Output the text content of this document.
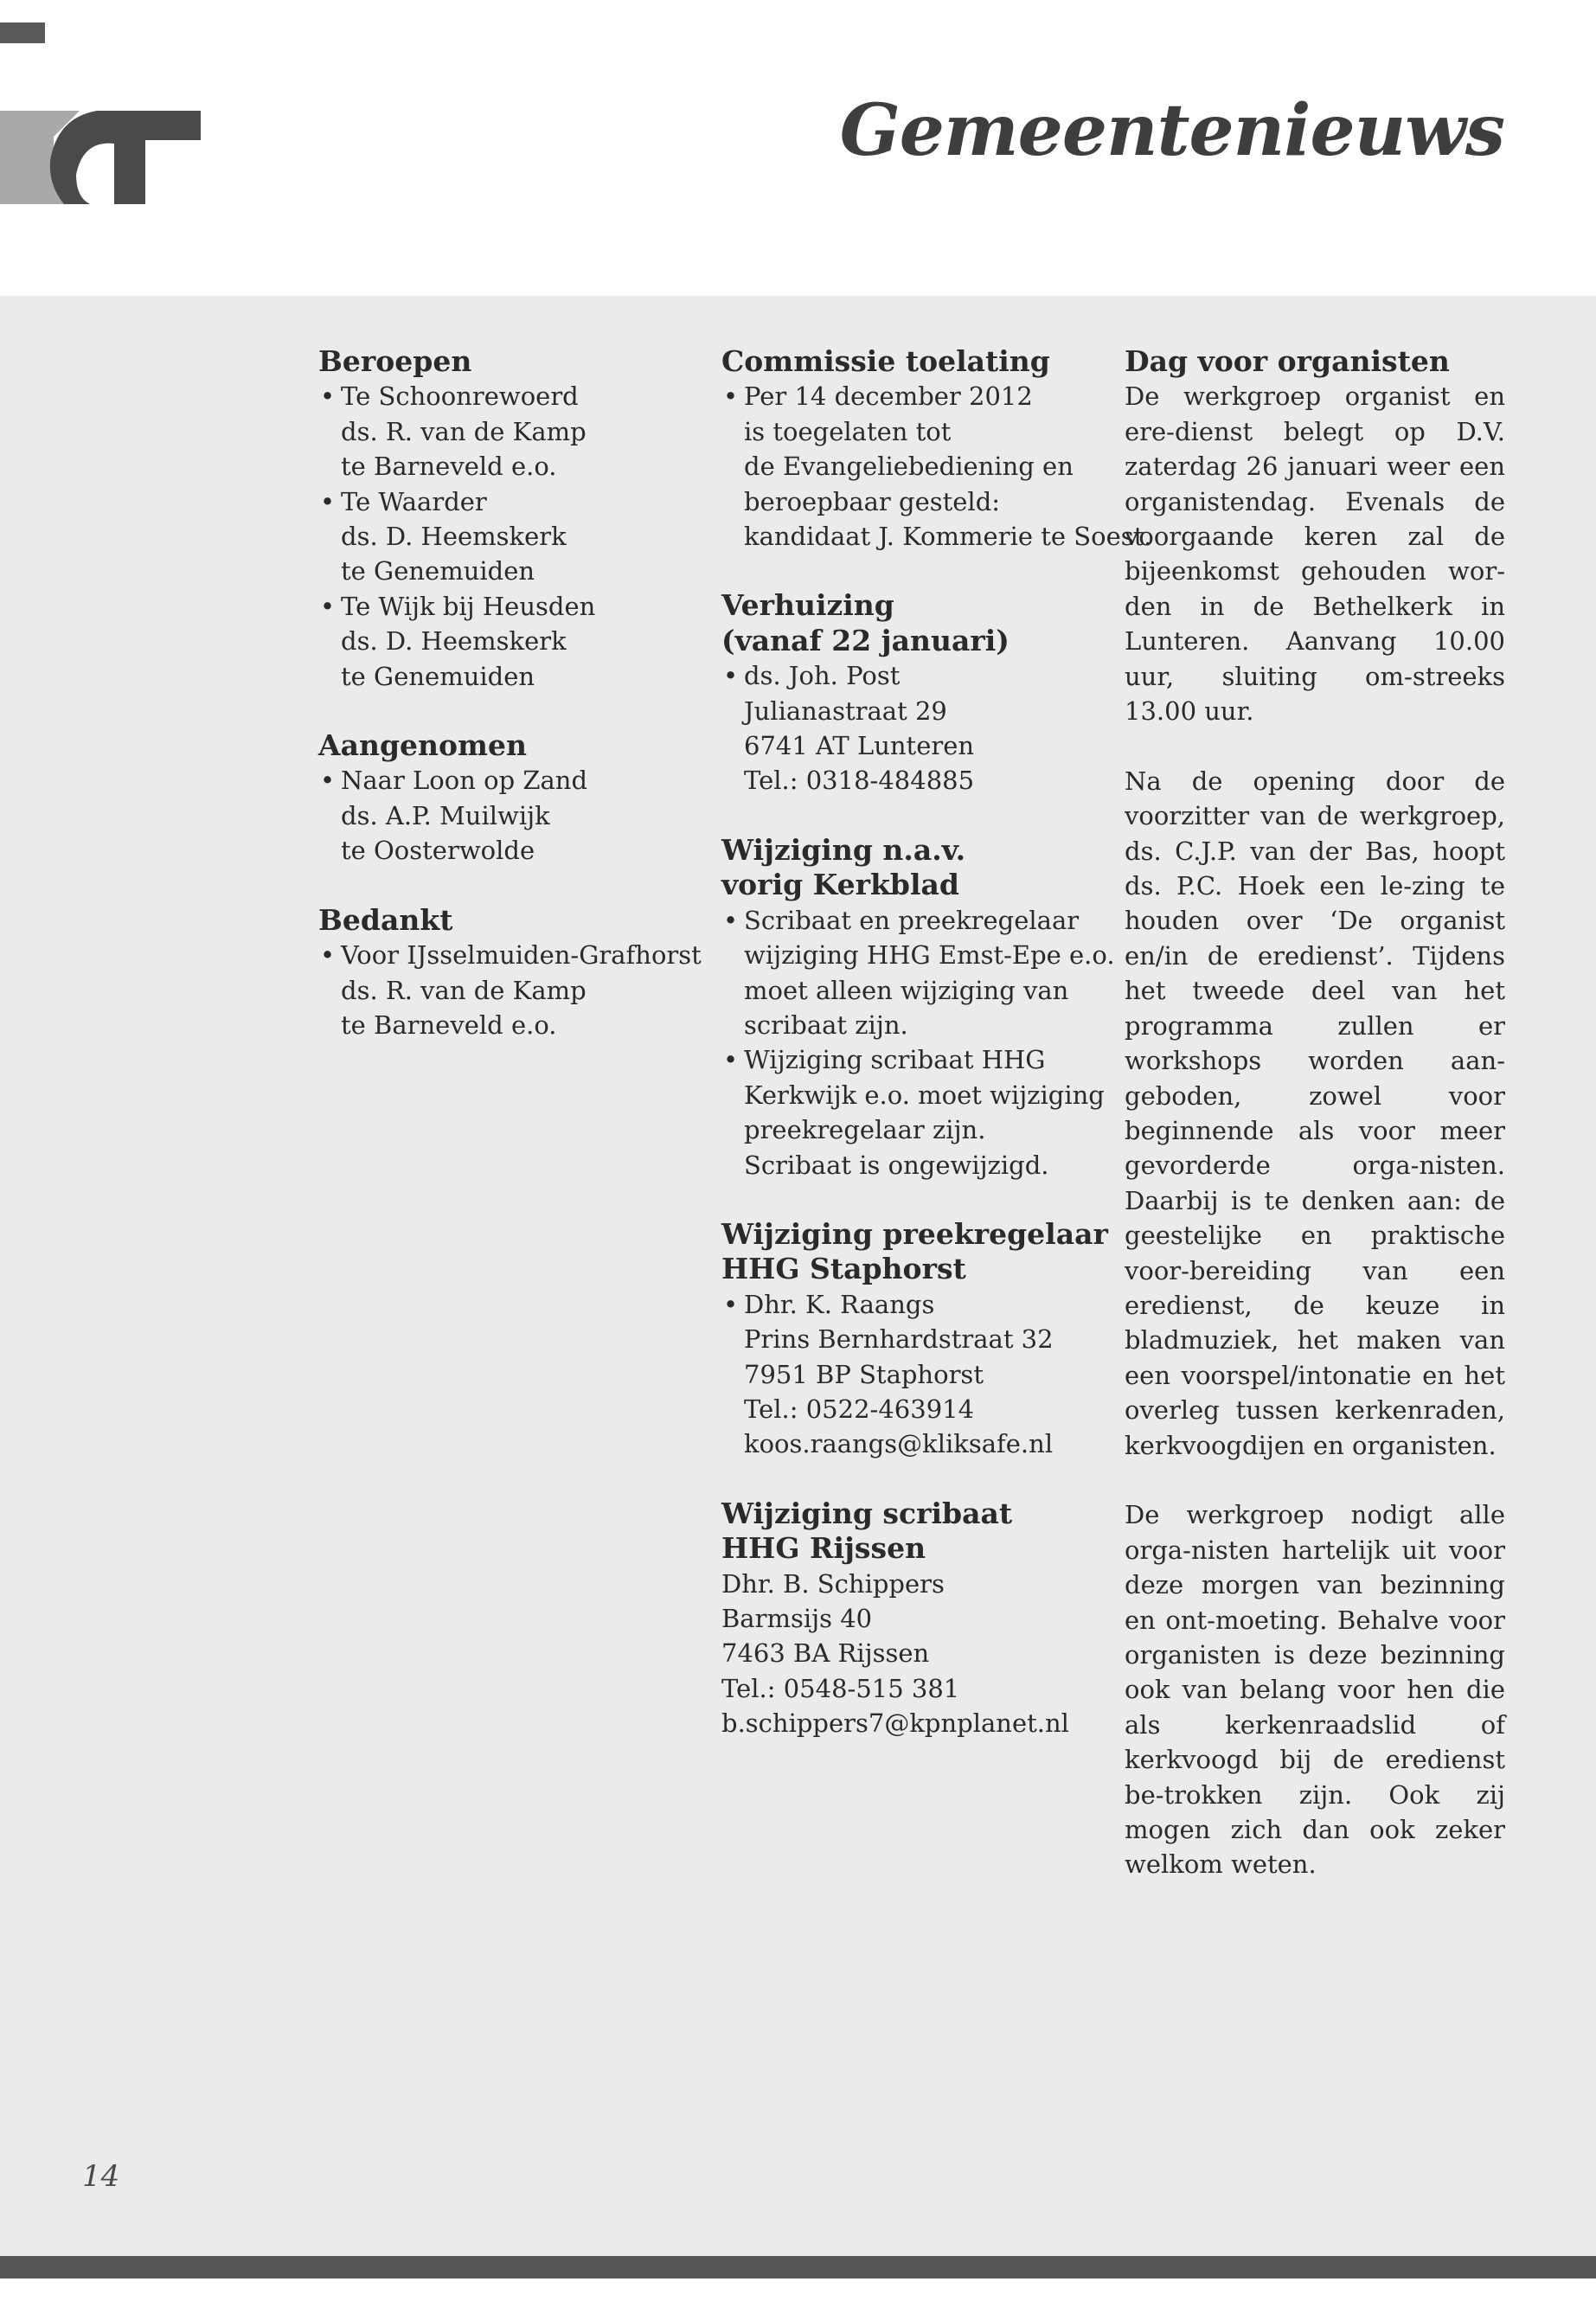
Gemeentenieuws
Beroepen
• Te Schoonrewoerd
ds. R. van de Kamp
te Barneveld e.o.
• Te Waarder
ds. D. Heemskerk
te Genemuiden
• Te Wijk bij Heusden
ds. D. Heemskerk
te Genemuiden
Aangenomen
• Naar Loon op Zand
ds. A.P. Muilwijk
te Oosterwolde
Bedankt
• Voor IJsselmuiden-Grafhorst
ds. R. van de Kamp
te Barneveld e.o.
Commissie toelating
• Per 14 december 2012
is toegelaten tot
de Evangeliebediening en
beroepbaar gesteld:
kandidaat J. Kommerie te Soest.
Verhuizing
(vanaf 22 januari)
• ds. Joh. Post
Julianastraat 29
6741 AT Lunteren
Tel.: 0318-484885
Wijziging n.a.v.
vorig Kerkblad
• Scribaat en preekregelaar
wijziging HHG Emst-Epe e.o.
moet alleen wijziging van
scribaat zijn.
• Wijziging scribaat HHG
Kerkwijk e.o. moet wijziging
preekregelaar zijn.
Scribaat is ongewijzigd.
Wijziging preekregelaar
HHG Staphorst
• Dhr. K. Raangs
Prins Bernhardstraat 32
7951 BP Staphorst
Tel.: 0522-463914
koos.raangs@kliksafe.nl
Wijziging scribaat
HHG Rijssen
Dhr. B. Schippers
Barmsijs 40
7463 BA Rijssen
Tel.: 0548-515 381
b.schippers7@kpnplanet.nl
Dag voor organisten

De werkgroep organist en ere-dienst belegt op D.V. zaterdag 26 januari weer een organistendag. Evenals de voorgaande keren zal de bijeenkomst gehouden wor-den in de Bethelkerk in Lunteren. Aanvang 10.00 uur, sluiting om-streeks 13.00 uur.

Na de opening door de voorzitter van de werkgroep, ds. C.J.P. van der Bas, hoopt ds. P.C. Hoek een le-zing te houden over ‘De organist en/in de eredienst’. Tijdens het tweede deel van het programma zullen er workshops worden aan-geboden, zowel voor beginnende als voor meer gevorderde orga-nisten. Daarbij is te denken aan: de geestelijke en praktische voor-bereiding van een eredienst, de keuze in bladmuziek, het maken van een voorspel/intonatie en het overleg tussen kerkenraden, kerkvoogdijen en organisten.

De werkgroep nodigt alle orga-nisten hartelijk uit voor deze morgen van bezinning en ont-moeting. Behalve voor organisten is deze bezinning ook van belang voor hen die als kerkenraadslid of kerkvoogd bij de eredienst be-trokken zijn. Ook zij mogen zich dan ook zeker welkom weten.

14
